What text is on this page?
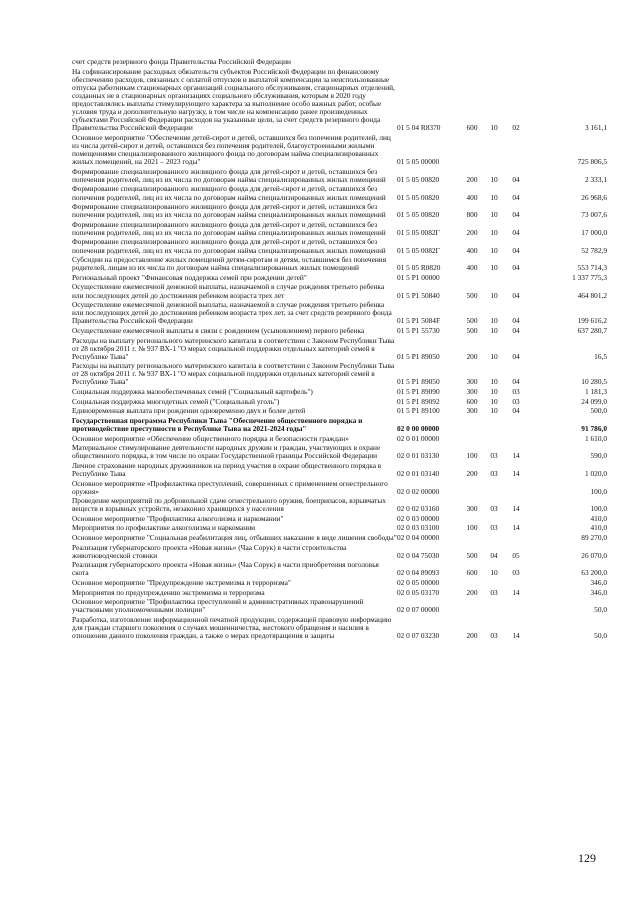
счет средств резервного фонда Правительства Российской Федерации					
На софинансирование расходных обязательств субъектов Российской Федерации по финансовому обеспечению расходов, связанных с оплатой отпусков и выплатой компенсации за неиспользованные отпуска работникам стационарных организаций социального обслуживания, стационарных отделений, созданных не в стационарных организациях социального обслуживания, которым в 2020 году предоставлялись выплаты стимулирующего характера за выполнение особо важных работ, особые условия труда и дополнительную нагрузку, в том числе на компенсацию ранее произведенных субъектами Российской Федерации расходов на указанные цели, за счет средств резервного фонда Правительства Российской Федерации	01 5 04 R8370	600	10	02	3 161,1
Основное мероприятие "Обеспечение детей-сирот и детей, оставшихся без попечения родителей, лиц из числа детей-сирот и детей, оставшихся без попечения родителей, благоустроенными жилыми помещениями специализированного жилищного фонда по договорам найма специализированных жилых помещений, на 2021 – 2023 годы"	01 5 05 00000				725 806,5
Формирование специализированного жилищного фонда для детей-сирот и детей, оставшихся без попечения родителей, лиц из их числа по договорам найма специализированных жилых помещений	01 5 05 00820	200	10	04	2 333,1
Формирование специализированного жилищного фонда для детей-сирот и детей, оставшихся без попечения родителей, лиц из их числа по договорам найма специализированных жилых помещений	01 5 05 00820	400	10	04	26 968,6
Формирование специализированного жилищного фонда для детей-сирот и детей, оставшихся без попечения родителей, лиц из их числа по договорам найма специализированных жилых помещений	01 5 05 00820	800	10	04	73 007,6
Формирование специализированного жилищного фонда для детей-сирот и детей, оставшихся без попечения родителей, лиц из их числа по договорам найма специализированных жилых помещений	01 5 05 0082Г	200	10	04	17 000,0
Формирование специализированного жилищного фонда для детей-сирот и детей, оставшихся без попечения родителей, лиц из их числа по договорам найма специализированных жилых помещений	01 5 05 0082Г	400	10	04	52 782,9
Субсидии на предоставление жилых помещений детям-сиротам и детям, оставшимся без попечения родителей, лицам из их числа по договорам найма специализированных жилых помещений	01 5 05 R0820	400	10	04	553 714,3
Региональный проект "Финансовая поддержка семей при рождении детей"	01 5 P1 00000				1 337 775,3
Осуществление ежемесячной денежной выплаты, назначаемой в случае рождения третьего ребенка или последующих детей до достижения ребенком возраста трех лет	01 5 P1 50840	500	10	04	464 801,2
Осуществление ежемесячной денежной выплаты, назначаемой в случае рождения третьего ребенка или последующих детей до достижения ребенком возраста трех лет, за счет средств резервного фонда Правительства Российской Федерации	01 5 P1 5084F	500	10	04	199 616,2
Осуществление ежемесячной выплаты в связи с рождением (усыновлением) первого ребенка	01 5 P1 55730	500	10	04	637 280,7
Расходы на выплату регионального материнского капитала в соответствии с Законом Республики Тыва от 28 октября 2011 г. № 937 ВХ-1 "О мерах социальной поддержки отдельных категорий семей в Республике Тыва"	01 5 P1 89050	200	10	04	16,5
Расходы на выплату регионального материнского капитала в соответствии с Законом Республики Тыва от 28 октября 2011 г. № 937 ВХ-1 "О мерах социальной поддержки отдельных категорий семей в Республике Тыва"	01 5 P1 89050	300	10	04	10 280,5
Социальная поддержка малообеспеченных семей ("Социальный картофель")	01 5 P1 89090	300	10	03	1 181,3
Социальная поддержка многодетных семей ("Социальный уголь")	01 5 P1 89092	600	10	03	24 099,0
Единовременная выплата при рождении одновременно двух и более детей	01 5 P1 89100	300	10	04	500,0
Государственная программа Республики Тыва "Обеспечение общественного порядка и противодействие преступности в Республике Тыва на 2021-2024 годы"	02 0 00 00000				91 786,0
Основное мероприятие «Обеспечение общественного порядка и безопасности граждан»	02 0 01 00000				1 610,0
Материальное стимулирование деятельности народных дружин и граждан, участвующих в охране общественного порядка, в том числе по охране Государственной границы Российской Федерации	02 0 01 03130	100	03	14	590,0
Личное страхование народных дружинников на период участия в охране общественного порядка в Республике Тыва	02 0 01 03140	200	03	14	1 020,0
Основное мероприятие «Профилактика преступлений, совершенных с применением огнестрельного оружия»	02 0 02 00000				100,0
Проведение мероприятий по добровольной сдаче огнестрельного оружия, боеприпасов, взрывчатых веществ и взрывных устройств, незаконно хранящихся у населения	02 0 02 03160	300	03	14	100,0
Основное мероприятие "Профилактика алкоголизма и наркомании"	02 0 03 00000				410,0
Мероприятия по профилактике алкоголизма и наркомании	02 0 03 03100	100	03	14	410,0
Основное мероприятие "Социальная реабилитация лиц, отбывших наказание в виде лишения свободы"	02 0 04 00000				89 270,0
Реализация губернаторского проекта «Новая жизнь» (Чаа Сорук) в части строительства животноводческой стоянки	02 0 04 75030	500	04	05	26 070,0
Реализация губернаторского проекта «Новая жизнь» (Чаа Сорук) в части приобретения поголовья скота	02 0 04 89093	600	10	03	63 200,0
Основное мероприятие "Предупреждение экстремизма и терроризма"	02 0 05 00000				346,0
Мероприятия по предупреждению экстремизма и терроризма	02 0 05 03170	200	03	14	346,0
Основное мероприятие "Профилактика преступлений и административных правонарушений участковыми уполномоченными полиции"	02 0 07 00000				50,0
Разработка, изготовление информационной печатной продукции, содержащей правовую информацию для граждан старшего поколения о случаях мошенничества, жестокого обращения и насилия в отношении данного поколения граждан, а также о мерах предотвращения и защиты	02 0 07 03230	200	03	14	50,0
129
